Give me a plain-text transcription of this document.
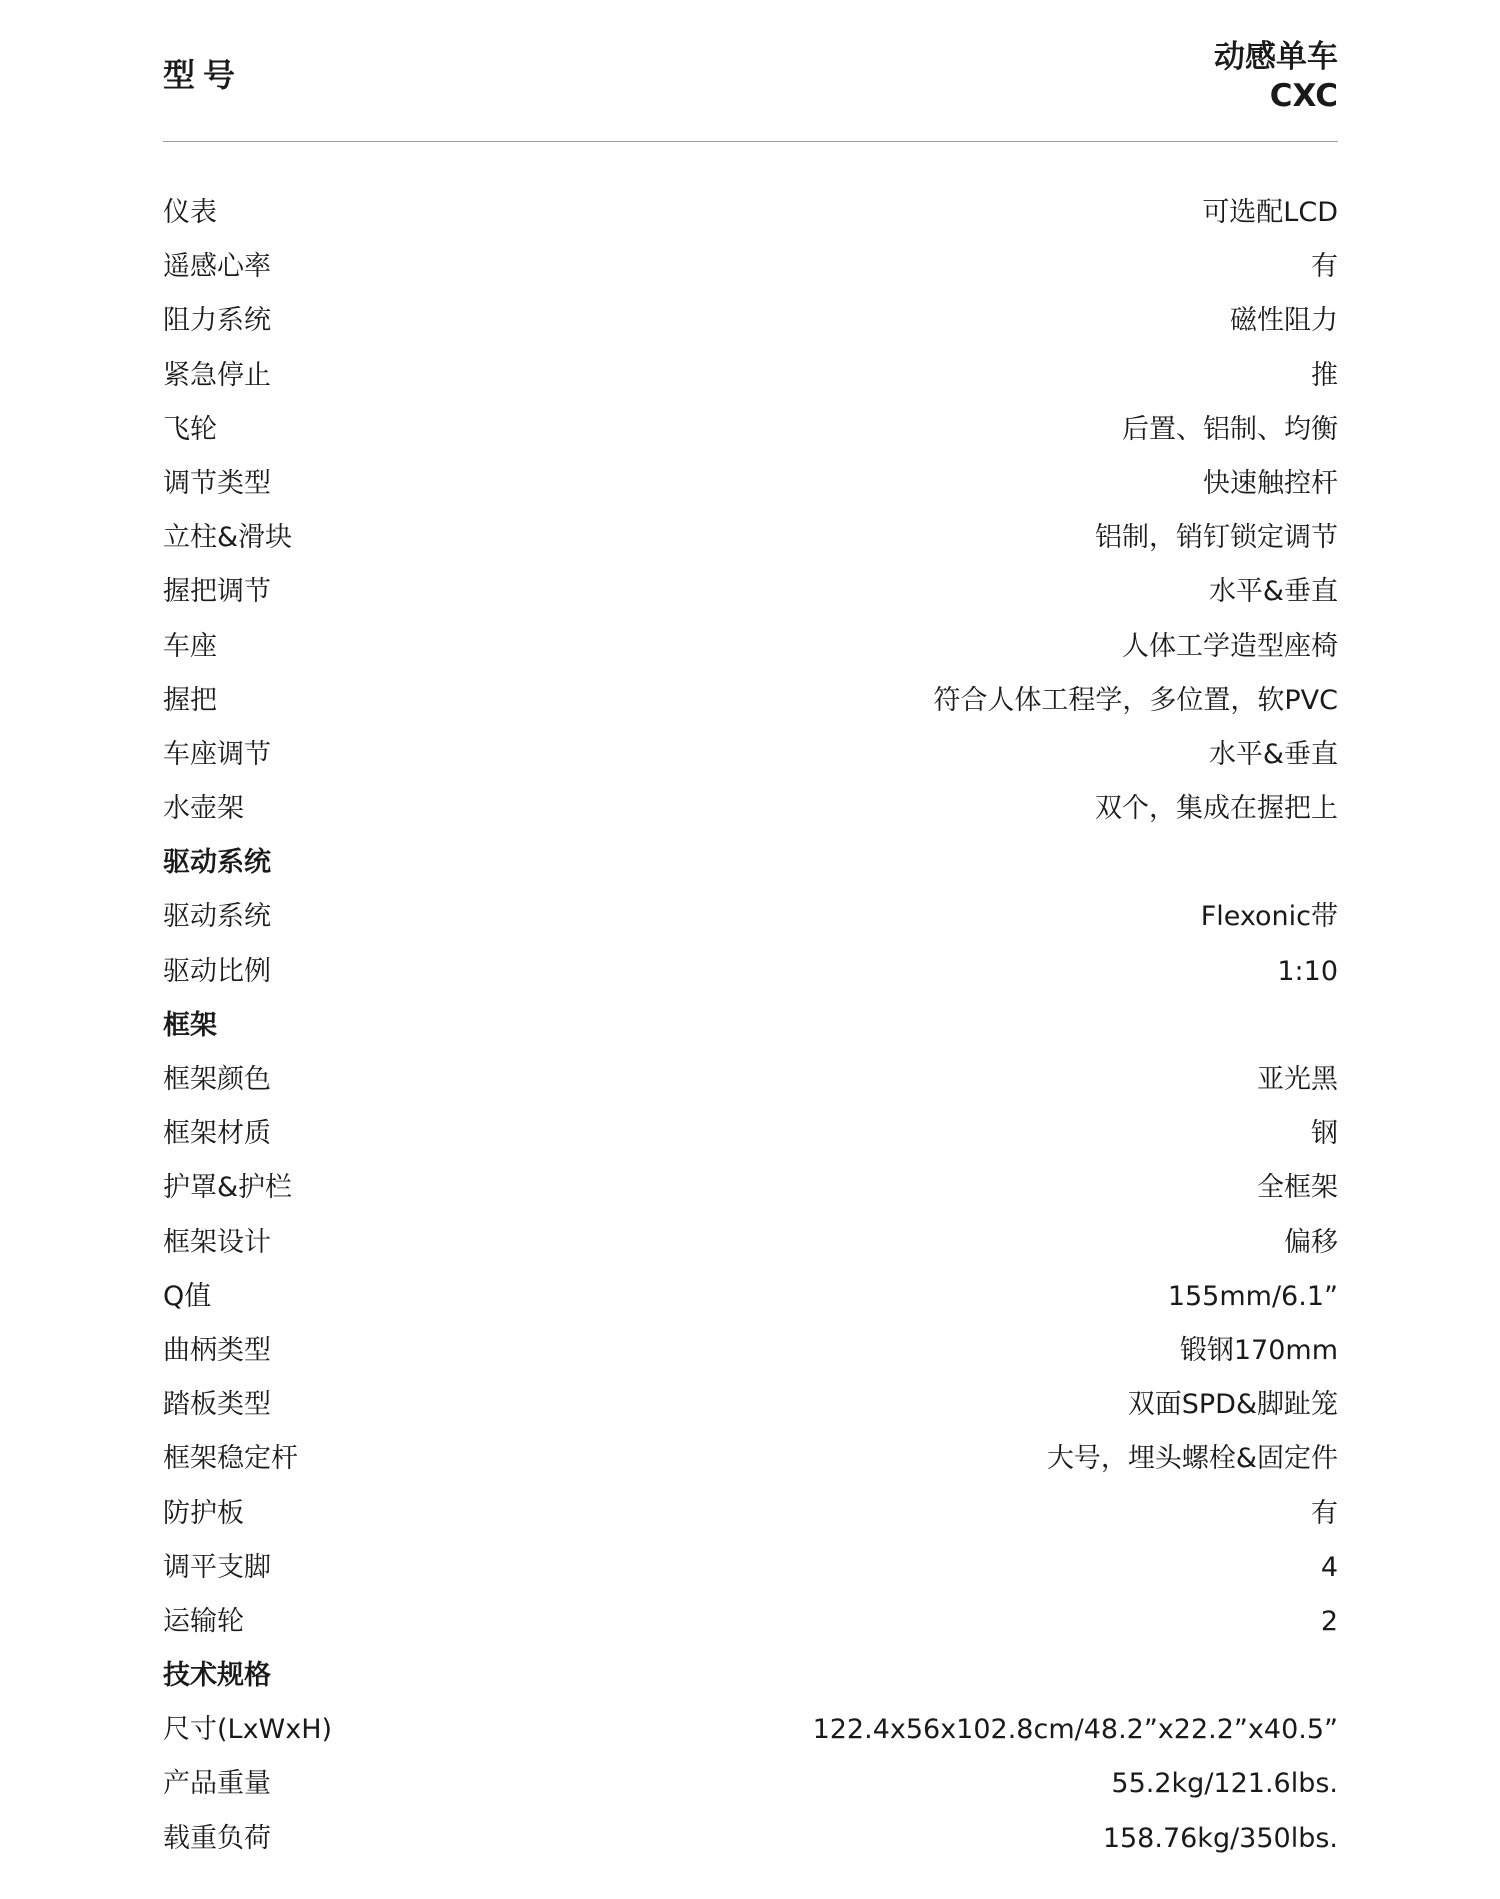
型号	动感单车
CXC
仪表	可选配LCD
遥感心率	有
阻力系统	磁性阻力
紧急停止	推
飞轮	后置、铝制、均衡
调节类型	快速触控杆
立柱&滑块	铝制，销钉锁定调节
握把调节	水平&垂直
车座	人体工学造型座椅
握把	符合人体工程学，多位置，软PVC
车座调节	水平&垂直
水壶架	双个，集成在握把上
驱动系统
驱动系统	Flexonic带
驱动比例	1:10
框架
框架颜色	亚光黑
框架材质	钢
护罩&护栏	全框架
框架设计	偏移
Q值	155mm/6.1”
曲柄类型	锻钢170mm
踏板类型	双面SPD&脚趾笼
框架稳定杆	大号，埋头螺栓&固定件
防护板	有
调平支脚	4
运输轮	2
技术规格
尺寸(LxWxH)	122.4x56x102.8cm/48.2”x22.2”x40.5”
产品重量	55.2kg/121.6lbs.
载重负荷	158.76kg/350lbs.
